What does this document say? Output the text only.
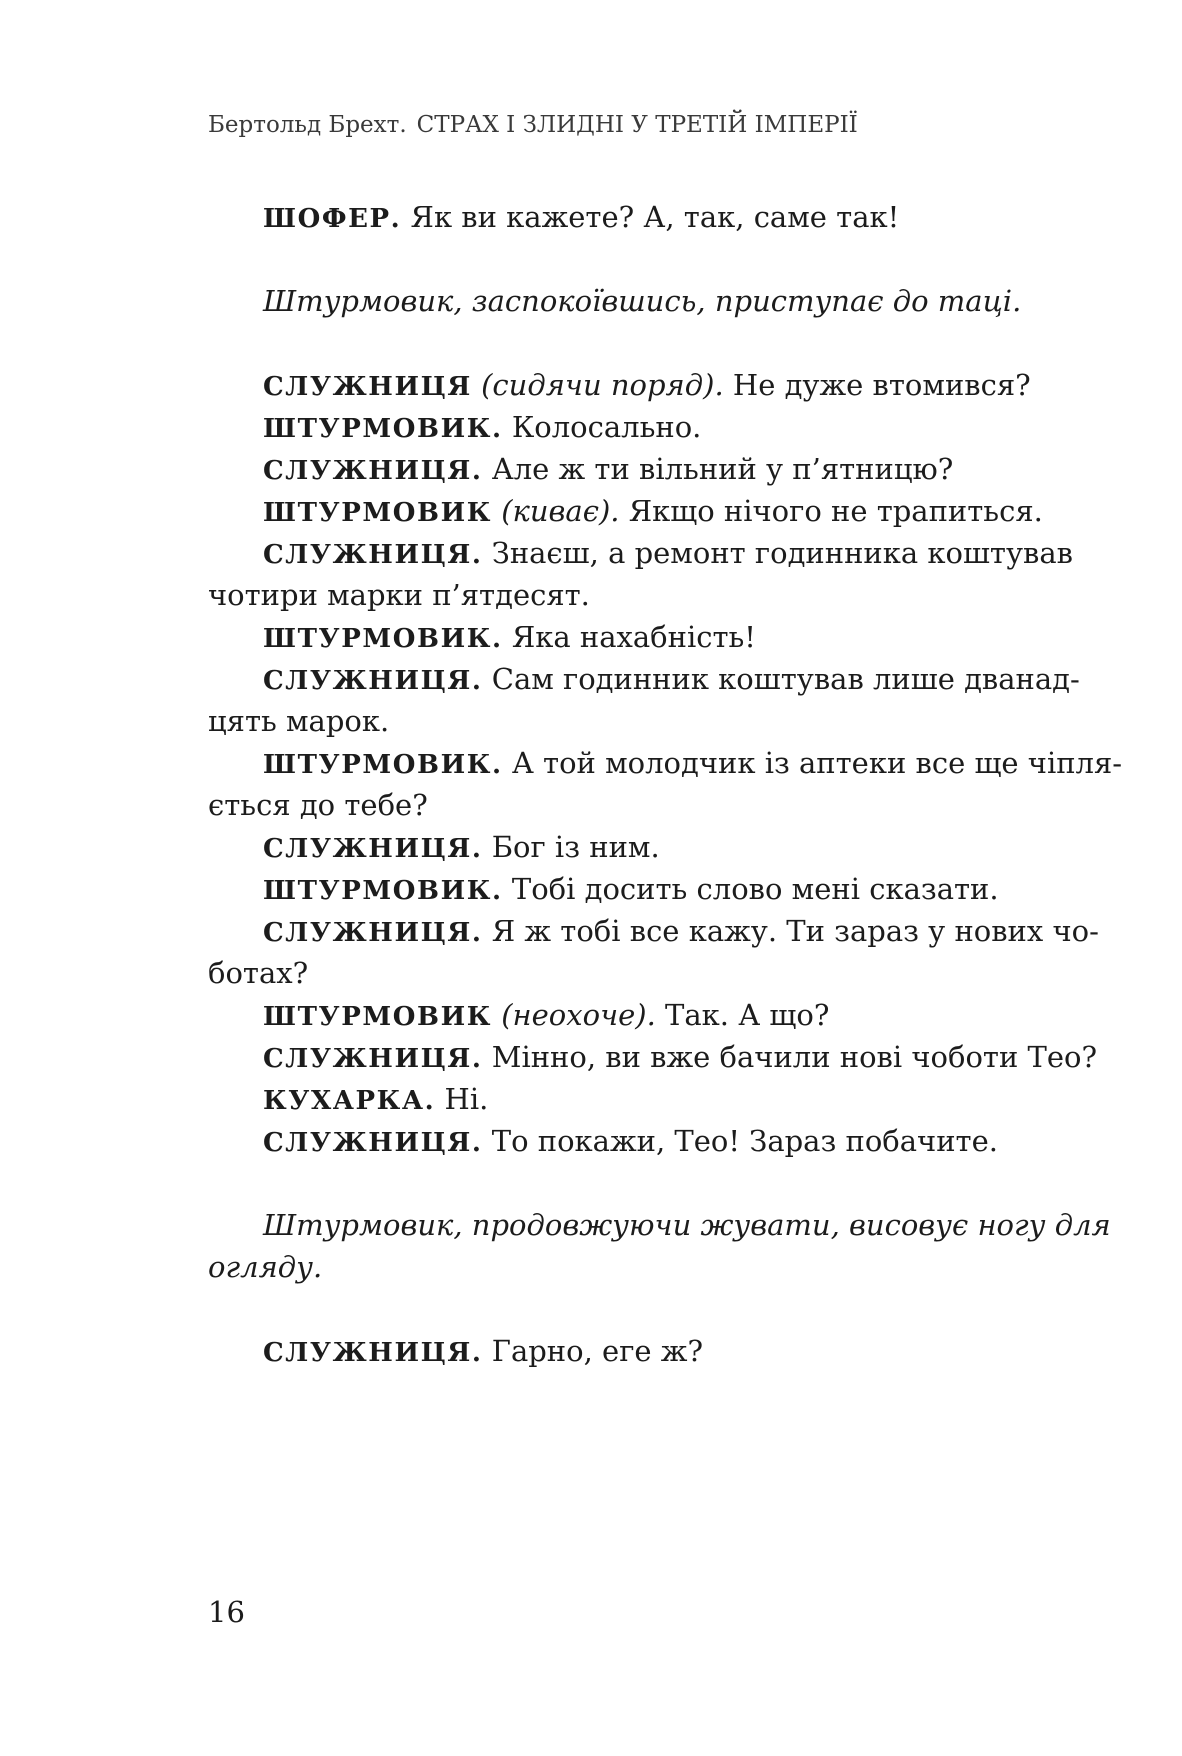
Бертольд Брехт. СТРАХ І ЗЛИДНІ У ТРЕТІЙ ІМПЕРІЇ
ШОФЕР. Як ви кажете? А, так, саме так!
Штурмовик, заспокоївшись, приступає до таці.
СЛУЖНИЦЯ (сидячи поряд). Не дуже втомився?
ШТУРМОВИК. Колосально.
СЛУЖНИЦЯ. Але ж ти вільний у п’ятницю?
ШТУРМОВИК (киває). Якщо нічого не трапиться.
СЛУЖНИЦЯ. Знаєш, а ремонт годинника коштував
чотири марки п’ятдесят.
ШТУРМОВИК. Яка нахабність!
СЛУЖНИЦЯ. Сам годинник коштував лише дванад-
цять марок.
ШТУРМОВИК. А той молодчик із аптеки все ще чіпля-
ється до тебе?
СЛУЖНИЦЯ. Бог із ним.
ШТУРМОВИК. Тобі досить слово мені сказати.
СЛУЖНИЦЯ. Я ж тобі все кажу. Ти зараз у нових чо-
ботах?
ШТУРМОВИК (неохоче). Так. А що?
СЛУЖНИЦЯ. Мінно, ви вже бачили нові чоботи Тео?
КУХАРКА. Ні.
СЛУЖНИЦЯ. То покажи, Тео! Зараз побачите.
Штурмовик, продовжуючи жувати, висовує ногу для
огляду.
СЛУЖНИЦЯ. Гарно, еге ж?
16
